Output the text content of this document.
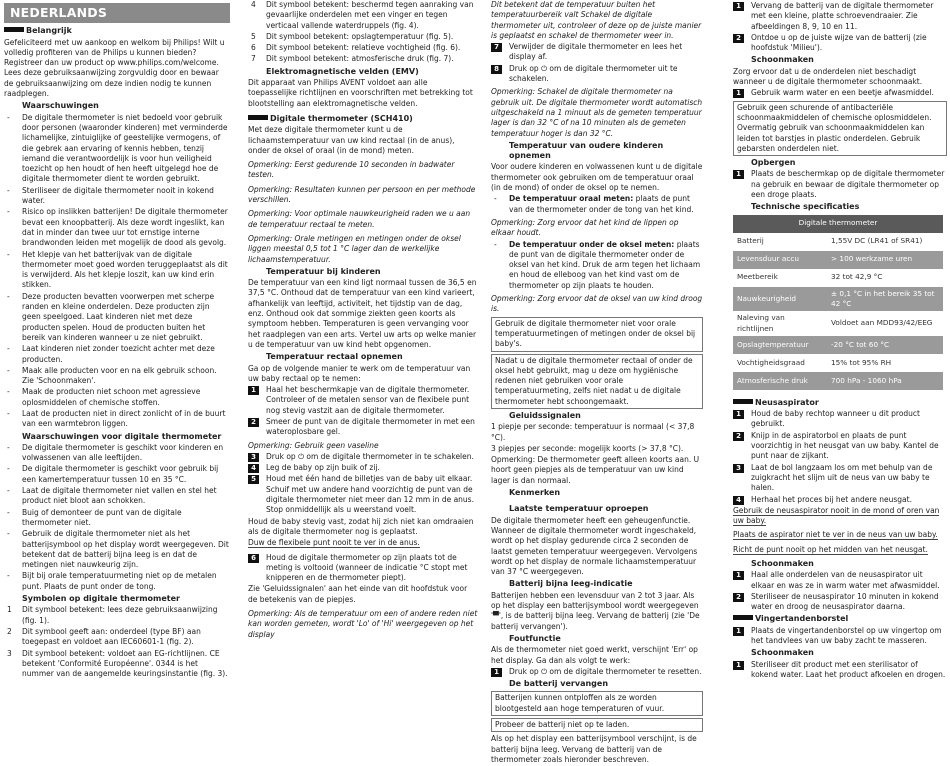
NEDERLANDS
Belangrijk

Gefeliciteerd met uw aankoop en welkom bij Philips! Wilt u volledig profiteren van de Philips u kunnen bieden? Registreer dan uw product op www.philips.com/welcome. Lees deze gebruiksaanwijzing zorgvuldig door en bewaar de gebruiksaanwijzing om deze indien nodig te kunnen raadplegen.

Waarschuwingen
- De digitale thermometer is niet bedoeld voor gebruik door personen (waaronder kinderen) met verminderde lichamelijke, zintuiglijke of geestelijke vermogens, of die gebrek aan ervaring of kennis hebben, tenzij iemand die verantwoordelijk is voor hun veiligheid toezicht op hen houdt of hen heeft uitgelegd hoe de digitale thermometer dient te worden gebruikt.
- Steriliseer de digitale thermometer nooit in kokend water.
- Risico op inslikken batterijen! De digitale thermometer bevat een knoopbatterij. Als deze wordt ingeslikt, kan dat in minder dan twee uur tot ernstige interne brandwonden leiden met mogelijk de dood als gevolg.
- Het klepje van het batterijvak van de digitale thermometer moet goed worden teruggeplaatst als dit is verwijderd. Als het klepje loszit, kan uw kind erin stikken.
- Deze producten bevatten voorwerpen met scherpe randen en kleine onderdelen. Deze producten zijn geen speelgoed. Laat kinderen niet met deze producten spelen. Houd de producten buiten het bereik van kinderen wanneer u ze niet gebruikt.
- Laat kinderen niet zonder toezicht achter met deze producten.
- Maak alle producten voor en na elk gebruik schoon. Zie 'Schoonmaken'.
- Maak de producten niet schoon met agressieve oplosmiddelen of chemische stoffen.
- Laat de producten niet in direct zonlicht of in de buurt van een warmtebron liggen.
Waarschuwingen voor digitale thermometer
- De digitale thermometer is geschikt voor kinderen en volwassenen van alle leeftijden.
- De digitale thermometer is geschikt voor gebruik bij een kamertemperatuur tussen 10 en 35 °C.
- Laat de digitale thermometer niet vallen en stel het product niet bloot aan schokken.
- Buig of demonteer de punt van de digitale thermometer niet.
- Gebruik de digitale thermometer niet als het batterijsymbool op het display wordt weergegeven. Dit betekent dat de batterij bijna leeg is en dat de metingen niet nauwkeurig zijn.
- Bijt bij orale temperatuurmeting niet op de metalen punt. Plaats de punt onder de tong.
Symbolen op digitale thermometer
1 Dit symbool betekent: lees deze gebruiksaanwijzing (fig. 1).
2 Dit symbool geeft aan: onderdeel (type BF) aan toegepast en voldoet aan IEC60601-1 (fig. 2).
3 Dit symbool betekent: voldoet aan EG-richtlijnen. CE betekent 'Conformité Européenne'. 0344 is het nummer van de aangemelde keuringsinstantie (fig. 3).
4 Dit symbool betekent: beschermd tegen aanraking van gevaarlijke onderdelen met een vinger en tegen verticaal vallende waterdruppels (fig. 4).
5 Dit symbool betekent: opslagtemperatuur (fig. 5).
6 Dit symbool betekent: relatieve vochtigheid (fig. 6).
7 Dit symbool betekent: atmosferische druk (fig. 7).
Elektromagnetische velden (EMV)

Dit apparaat van Philips AVENT voldoet aan alle toepasselijke richtlijnen en voorschriften met betrekking tot blootstelling aan elektromagnetische velden.

Digitale thermometer (SCH410)

Met deze digitale thermometer kunt u de lichaamstemperatuur van uw kind rectaal (in de anus), onder de oksel of oraal (in de mond) meten.

Opmerking: Eerst gedurende 10 seconden in badwater testen.

Opmerking: Resultaten kunnen per persoon en per methode verschillen.

Opmerking: Voor optimale nauwkeurigheid raden we u aan de temperatuur rectaal te meten.

Opmerking: Orale metingen en metingen onder de oksel liggen meestal 0,5 tot 1 °C lager dan de werkelijke lichaamstemperatuur.

Temperatuur bij kinderen

De temperatuur van een kind ligt normaal tussen de 36,5 en 37,5 °C. Onthoud dat de temperatuur van een kind varieert, afhankelijk van leeftijd, activiteit, het tijdstip van de dag, enz. Onthoud ook dat sommige ziekten geen koorts als symptoom hebben. Temperaturen is geen vervanging voor het raadplegen van een arts. Vertel uw arts op welke manier u de temperatuur van uw kind hebt opgenomen.

Temperatuur rectaal opnemen

Ga op de volgende manier te werk om de temperatuur van uw baby rectaal op te nemen:

1	Haal het beschermkapje van de digitale thermometer. Controleer of de metalen sensor van de flexibele punt nog stevig vastzit aan de digitale thermometer.
2	Smeer de punt van de digitale thermometer in met een wateroplosbare gel.

Opmerking: Gebruik geen vaseline

3	Druk op ⏻ om de digitale thermometer in te schakelen.
4	Leg de baby op zijn buik of zij.
5	Houd met één hand de billetjes van de baby uit elkaar. Schuif met uw andere hand voorzichtig de punt van de digitale thermometer niet meer dan 12 mm in de anus. Stop onmiddellijk als u weerstand voelt.

Houd de baby stevig vast, zodat hij zich niet kan omdraaien als de digitale thermometer nog is geplaatst.

Duw de flexibele punt nooit te ver in de anus.

6	Houd de digitale thermometer op zijn plaats tot de meting is voltooid (wanneer de indicatie °C stopt met knipperen en de thermometer piept).

Zie 'Geluidssignalen' aan het einde van dit hoofdstuk voor de betekenis van de piepjes.

Opmerking: Als de temperatuur om een of andere reden niet kan worden gemeten, wordt 'Lo' of 'Hi' weergegeven op het display

Dit betekent dat de temperatuur buiten het temperatuurbereik valt Schakel de digitale thermometer uit, controleer of deze op de juiste manier is geplaatst en schakel de thermometer weer in.

7	Verwijder de digitale thermometer en lees het display af.
8	Druk op ⏻ om de digitale thermometer uit te schakelen.

Opmerking: Schakel de digitale thermometer na gebruik uit. De digitale thermometer wordt automatisch uitgeschakeld na 1 minuut als de gemeten temperatuur lager is dan 32 °C of na 10 minuten als de gemeten temperatuur hoger is dan 32 °C.

Temperatuur van oudere kinderen opnemen

Voor oudere kinderen en volwassenen kunt u de digitale thermometer ook gebruiken om de temperatuur oraal (in de mond) of onder de oksel op te nemen.

- De temperatuur oraal meten: plaats de punt van de thermometer onder de tong van het kind.

Opmerking: Zorg ervoor dat het kind de lippen op elkaar houdt.

- De temperatuur onder de oksel meten: plaats de punt van de digitale thermometer onder de oksel van het kind. Druk de arm tegen het lichaam en houd de elleboog van het kind vast om de thermometer op zijn plaats te houden.

Opmerking: Zorg ervoor dat de oksel van uw kind droog is.

Gebruik de digitale thermometer niet voor orale temperatuurmetingen of metingen onder de oksel bij baby's.
Nadat u de digitale thermometer rectaal of onder de oksel hebt gebruikt, mag u deze om hygiënische redenen niet gebruiken voor orale temperatuurmeting, zelfs niet nadat u de digitale thermometer hebt schoongemaakt.
Geluidssignalen

1 piepje per seconde: temperatuur is normaal (< 37,8 °C).

3 piepjes per seconde: mogelijk koorts (> 37,8 °C).

Opmerking: De thermometer geeft alleen koorts aan. U hoort geen piepjes als de temperatuur van uw kind lager is dan normaal.

Kenmerken
Laatste temperatuur oproepen

De digitale thermometer heeft een geheugenfunctie. Wanneer de digitale thermometer wordt ingeschakeld, wordt op het display gedurende circa 2 seconden de laatst gemeten temperatuur weergegeven. Vervolgens wordt op het display de normale lichaamstemperatuur van 37 °C weergegeven.

Batterij bijna leeg-indicatie

Batterijen hebben een levensduur van 2 tot 3 jaar. Als op het display een batterijsymbool wordt weergegeven '▀', is de batterij bijna leeg. Vervang de batterij (zie 'De batterij vervangen').

Foutfunctie

Als de thermometer niet goed werkt, verschijnt 'Err' op het display. Ga dan als volgt te werk:

1	Druk op ⏻ om de digitale thermometer te resetten.
De batterij vervangen
Batterijen kunnen ontploffen als ze worden blootgesteld aan hoge temperaturen of vuur.
Probeer de batterij niet op te laden.

Als op het display een batterijsymbool verschijnt, is de batterij bijna leeg. Vervang de batterij van de thermometer zoals hieronder beschreven.

1	Vervang de batterij van de digitale thermometer met een kleine, platte schroevendraaier. Zie afbeeldingen 8, 9, 10 en 11.
2	Ontdoe u op de juiste wijze van de batterij (zie hoofdstuk 'Milieu').
Schoonmaken

Zorg ervoor dat u de onderdelen niet beschadigt wanneer u de digitale thermometer schoonmaakt.

1	Gebruik warm water en een beetje afwasmiddel.
Gebruik geen schurende of antibacteriële schoonmaakmiddelen of chemische oplosmiddelen. Overmatig gebruik van schoonmaakmiddelen kan leiden tot barstjes in plastic onderdelen. Gebruik gebarsten onderdelen niet.
Opbergen
1	Plaats de beschermkap op de digitale thermometer na gebruik en bewaar de digitale thermometer op een droge plaats.
Technische specificaties
Digitale thermometer	
Batterij	1,55V DC (LR41 of SR41)
Levensduur accu	> 100 werkzame uren
Meetbereik	32 tot 42,9 °C
Nauwkeurigheid	± 0,1 °C in het bereik 35 tot 42 °C
Naleving van richtlijnen	Voldoet aan MDD93/42/EEG
Opslagtemperatuur	-20 °C tot 60 °C
Vochtigheidsgraad	15% tot 95% RH
Atmosferische druk	700 hPa - 1060 hPa
Neusaspirator
1	Houd de baby rechtop wanneer u dit product gebruikt.
2	Knijp in de aspiratorbol en plaats de punt voorzichtig in het neusgat van uw baby. Kantel de punt naar de zijkant.
3	Laat de bol langzaam los om met behulp van de zuigkracht het slijm uit de neus van uw baby te halen.
4	Herhaal het proces bij het andere neusgat.

Gebruik de neusaspirator nooit in de mond of oren van uw baby.

Plaats de aspirator niet te ver in de neus van uw baby.

Richt de punt nooit op het midden van het neusgat.

Schoonmaken
1	Haal alle onderdelen van de neusaspirator uit elkaar en was ze in warm water met afwasmiddel.
2	Steriliseer de neusaspirator 10 minuten in kokend water en droog de neusaspirator daarna.
Vingertandenborstel
1	Plaats de vingertandenborstel op uw vingertop om het tandvlees van uw baby zacht te masseren.
Schoonmaken
1	Steriliseer dit product met een sterilisator of kokend water. Laat het product afkoelen en drogen.
